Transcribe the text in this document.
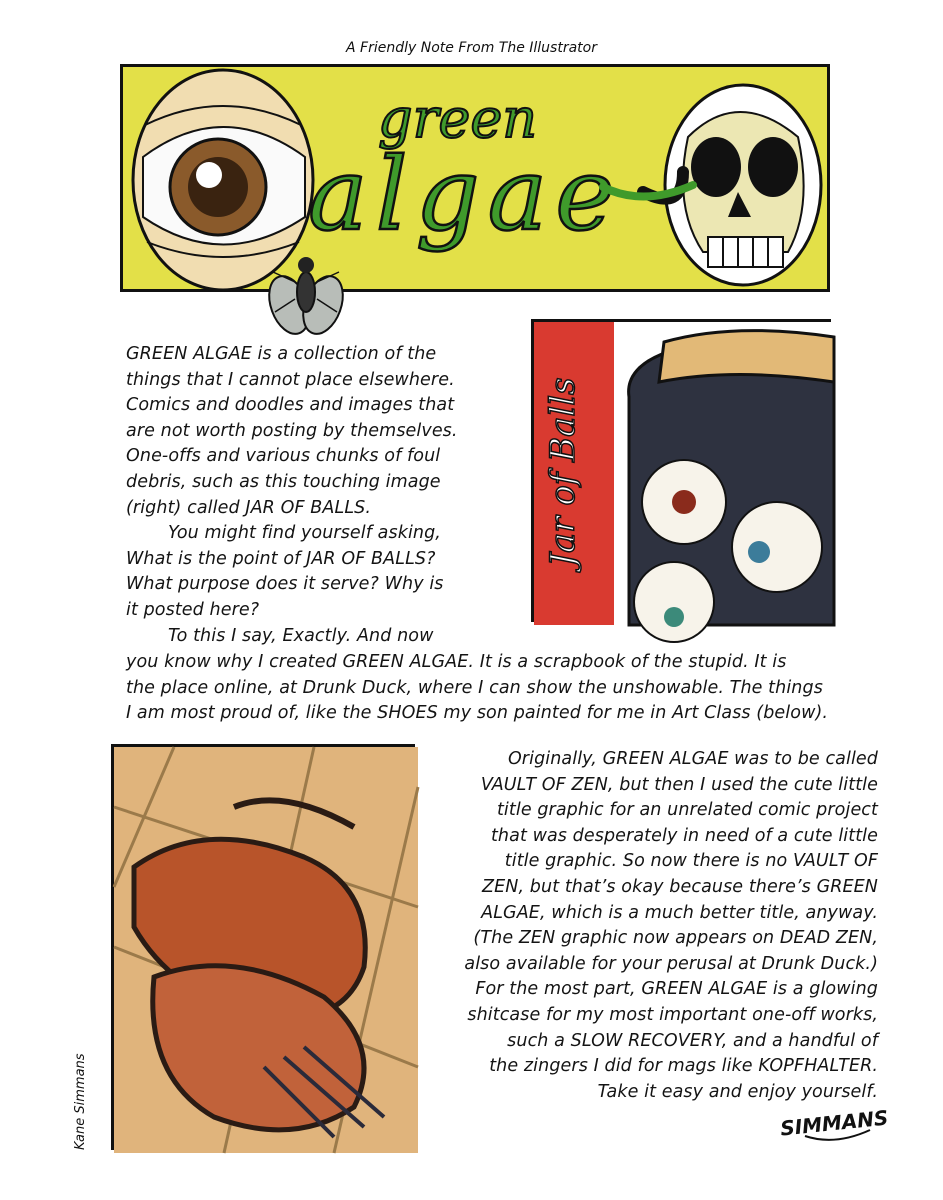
A Friendly Note From The Illustrator
green
algae
Jar of Balls
Kane Simmans
GREEN ALGAE is a collection of the
things that I cannot place elsewhere.
Comics and doodles and images that
are not worth posting by themselves.
One-offs and various chunks of foul
debris, such as this touching image
(right) called JAR OF BALLS.
You might find yourself asking,
What is the point of JAR OF BALLS?
What purpose does it serve? Why is
it posted here?
To this I say, Exactly. And now
you know why I created GREEN ALGAE. It is a scrapbook of the stupid. It is
the place online, at Drunk Duck, where I can show the unshowable. The things
I am most proud of, like the SHOES my son painted for me in Art Class (below).
Originally, GREEN ALGAE was to be called
VAULT OF ZEN, but then I used the cute little
title graphic for an unrelated comic project
that was desperately in need of a cute little
title graphic. So now there is no VAULT OF
ZEN, but that’s okay because there’s GREEN
ALGAE, which is a much better title, anyway.
(The ZEN graphic now appears on DEAD ZEN,
also available for your perusal at Drunk Duck.)
For the most part, GREEN ALGAE is a glowing
shitcase for my most important one-off works,
such a SLOW RECOVERY, and a handful of
the zingers I did for mags like KOPFHALTER.
Take it easy and enjoy yourself.
SIMMANS
